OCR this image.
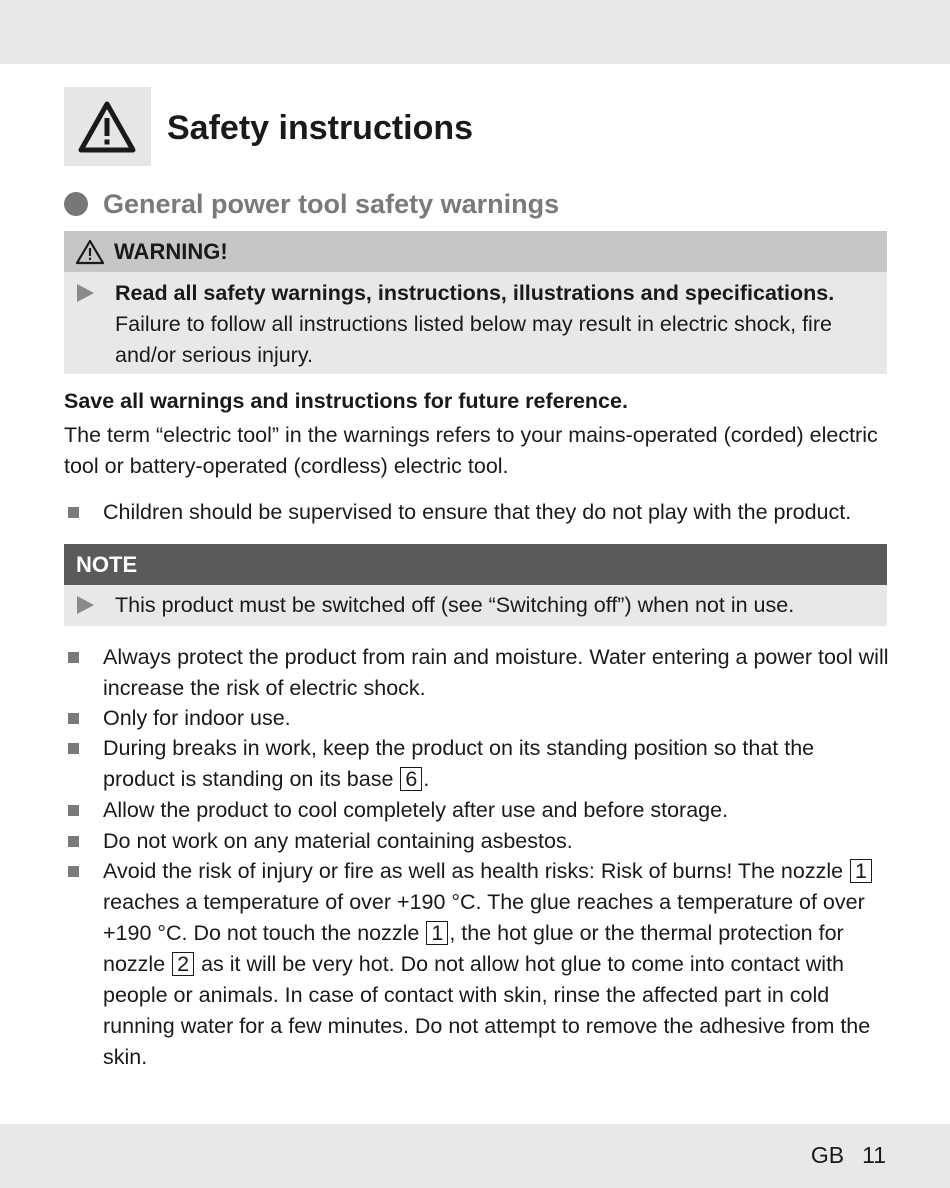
Safety instructions
General power tool safety warnings
WARNING!
Read all safety warnings, instructions, illustrations and specifications. Failure to follow all instructions listed below may result in electric shock, fire and/or serious injury.
Save all warnings and instructions for future reference.
The term “electric tool” in the warnings refers to your mains-operated (corded) electric tool or battery-operated (cordless) electric tool.
Children should be supervised to ensure that they do not play with the product.
NOTE
This product must be switched off (see “Switching off”) when not in use.
Always protect the product from rain and moisture. Water entering a power tool will increase the risk of electric shock.
Only for indoor use.
During breaks in work, keep the product on its standing position so that the product is standing on its base 6 .
Allow the product to cool completely after use and before storage.
Do not work on any material containing asbestos.
Avoid the risk of injury or fire as well as health risks: Risk of burns! The nozzle 1 reaches a temperature of over +190 °C. The glue reaches a temperature of over +190 °C. Do not touch the nozzle 1 , the hot glue or the thermal protection for nozzle 2 as it will be very hot. Do not allow hot glue to come into contact with people or animals. In case of contact with skin, rinse the affected part in cold running water for a few minutes. Do not attempt to remove the adhesive from the skin.
GB 11
